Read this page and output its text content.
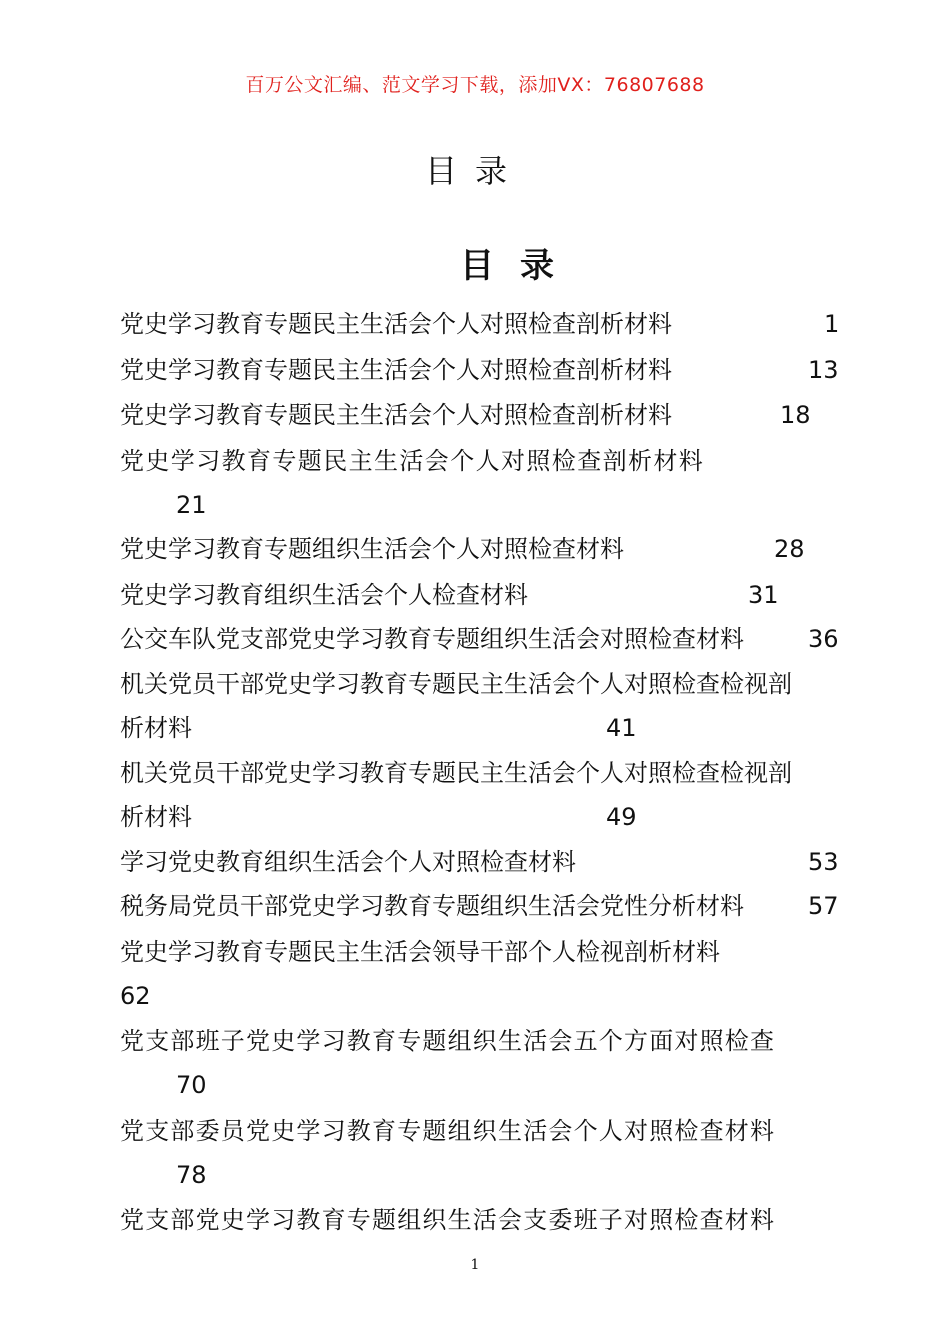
百万公文汇编、范文学习下载，添加VX：76807688
目录
目录
党史学习教育专题民主生活会个人对照检查剖析材料	1
党史学习教育专题民主生活会个人对照检查剖析材料	13
党史学习教育专题民主生活会个人对照检查剖析材料	18
党史学习教育专题民主生活会个人对照检查剖析材料
21
党史学习教育专题组织生活会个人对照检查材料	28
党史学习教育组织生活会个人检查材料	31
公交车队党支部党史学习教育专题组织生活会对照检查材料	36
机关党员干部党史学习教育专题民主生活会个人对照检查检视剖
析材料	41
机关党员干部党史学习教育专题民主生活会个人对照检查检视剖
析材料	49
学习党史教育组织生活会个人对照检查材料	53
税务局党员干部党史学习教育专题组织生活会党性分析材料	57
党史学习教育专题民主生活会领导干部个人检视剖析材料
62
党支部班子党史学习教育专题组织生活会五个方面对照检查
70
党支部委员党史学习教育专题组织生活会个人对照检查材料
78
党支部党史学习教育专题组织生活会支委班子对照检查材料
1
